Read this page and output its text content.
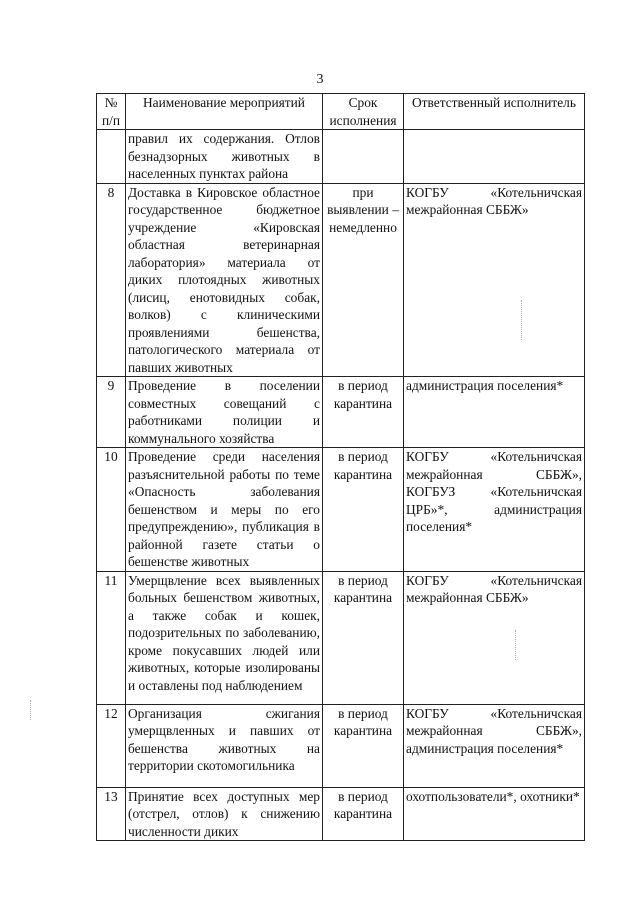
3
№ п/п	Наименование мероприятий	Срок исполнения	Ответственный исполнитель
	правил их содержания. Отлов безнадзорных животных в населенных пунктах района		
8	Доставка в Кировское областное государственное бюджетное учреждение «Кировская областная ветеринарная лаборатория» материала от диких плотоядных животных (лисиц, енотовидных собак, волков) с клиническими проявлениями бешенства, патологического материала от павших животных	при выявлении – немедленно	КОГБУ «Котельничская межрайонная СББЖ»
9	Проведение в поселении совместных совещаний с работниками полиции и коммунального хозяйства	в период карантина	администрация поселения*
10	Проведение среди населения разъяснительной работы по теме «Опасность заболевания бешенством и меры по его предупреждению», публикация в районной газете статьи о бешенстве животных	в период карантина	КОГБУ «Котельничская межрайонная СББЖ», КОГБУЗ «Котельничская ЦРБ»*, администрация поселения*
11	Умерщвление всех выявленных больных бешенством животных, а также собак и кошек, подозрительных по заболеванию, кроме покусавших людей или животных, которые изолированы и оставлены под наблюдением	в период карантина	КОГБУ «Котельничская межрайонная СББЖ»
12	Организация сжигания умерщвленных и павших от бешенства животных на территории скотомогильника	в период карантина	КОГБУ «Котельничская межрайонная СББЖ», администрация поселения*
13	Принятие всех доступных мер (отстрел, отлов) к снижению численности диких	в период карантина	охотпользователи*, охотники*
